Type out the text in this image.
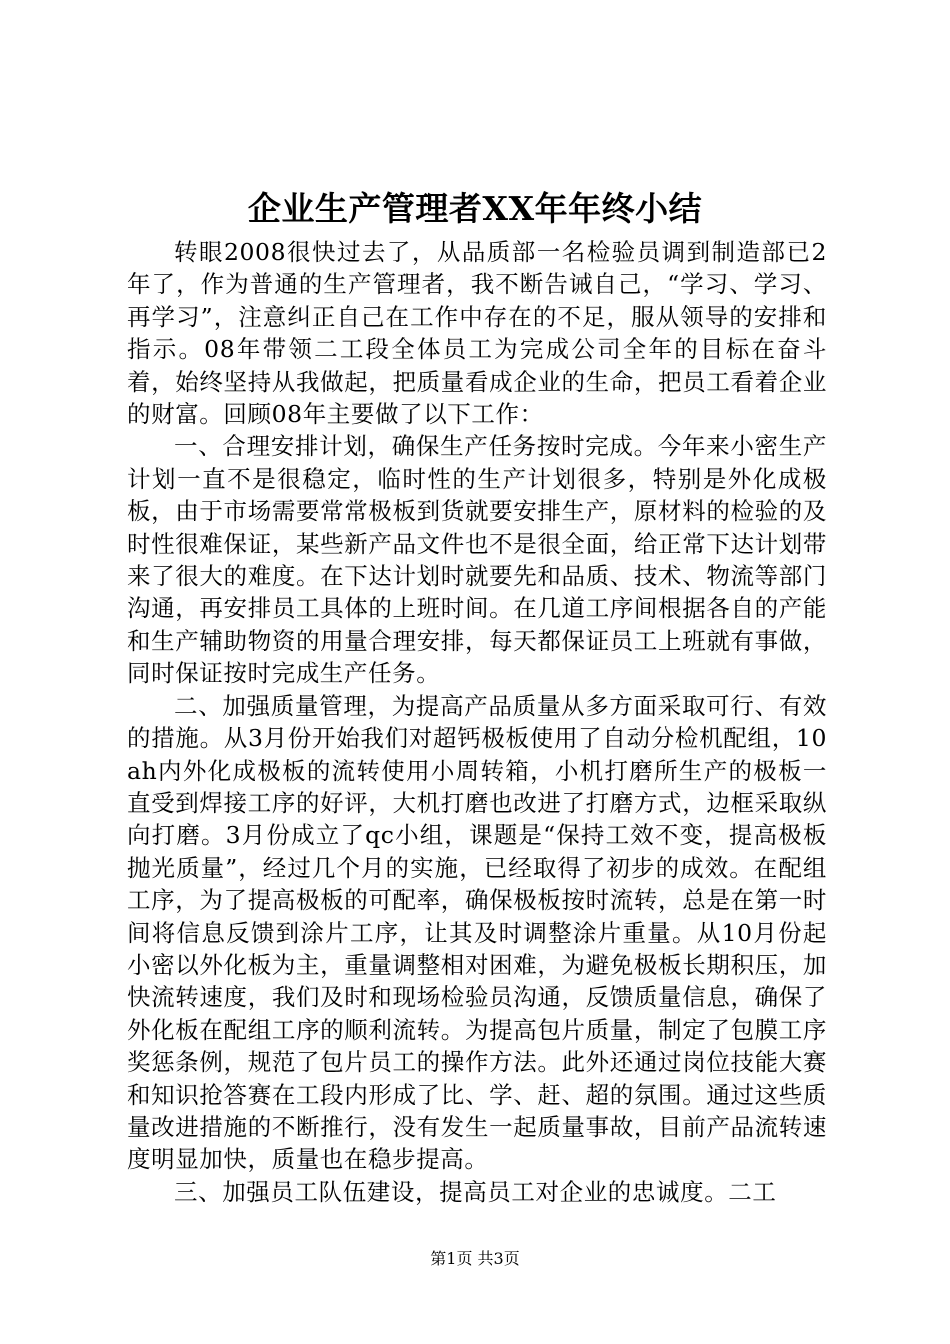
企业生产管理者XX年年终小结

转眼2008很快过去了，从品质部一名检验员调到制造部已2年了，作为普通的生产管理者，我不断告诫自己，“学习、学习、再学习”，注意纠正自己在工作中存在的不足，服从领导的安排和指示。08年带领二工段全体员工为完成公司全年的目标在奋斗着，始终坚持从我做起，把质量看成企业的生命，把员工看着企业的财富。回顾08年主要做了以下工作：

一、合理安排计划，确保生产任务按时完成。今年来小密生产计划一直不是很稳定，临时性的生产计划很多，特别是外化成极板，由于市场需要常常极板到货就要安排生产，原材料的检验的及时性很难保证，某些新产品文件也不是很全面，给正常下达计划带来了很大的难度。在下达计划时就要先和品质、技术、物流等部门沟通，再安排员工具体的上班时间。在几道工序间根据各自的产能和生产辅助物资的用量合理安排，每天都保证员工上班就有事做，同时保证按时完成生产任务。

二、加强质量管理，为提高产品质量从多方面采取可行、有效的措施。从3月份开始我们对超钙极板使用了自动分检机配组，10ah内外化成极板的流转使用小周转箱，小机打磨所生产的极板一直受到焊接工序的好评，大机打磨也改进了打磨方式，边框采取纵向打磨。3月份成立了qc小组，课题是“保持工效不变，提高极板抛光质量”，经过几个月的实施，已经取得了初步的成效。在配组工序，为了提高极板的可配率，确保极板按时流转，总是在第一时间将信息反馈到涂片工序，让其及时调整涂片重量。从10月份起小密以外化板为主，重量调整相对困难，为避免极板长期积压，加快流转速度，我们及时和现场检验员沟通，反馈质量信息，确保了外化板在配组工序的顺利流转。为提高包片质量，制定了包膜工序奖惩条例，规范了包片员工的操作方法。此外还通过岗位技能大赛和知识抢答赛在工段内形成了比、学、赶、超的氛围。通过这些质量改进措施的不断推行，没有发生一起质量事故，目前产品流转速度明显加快，质量也在稳步提高。

三、加强员工队伍建设，提高员工对企业的忠诚度。二工

第1页 共3页
